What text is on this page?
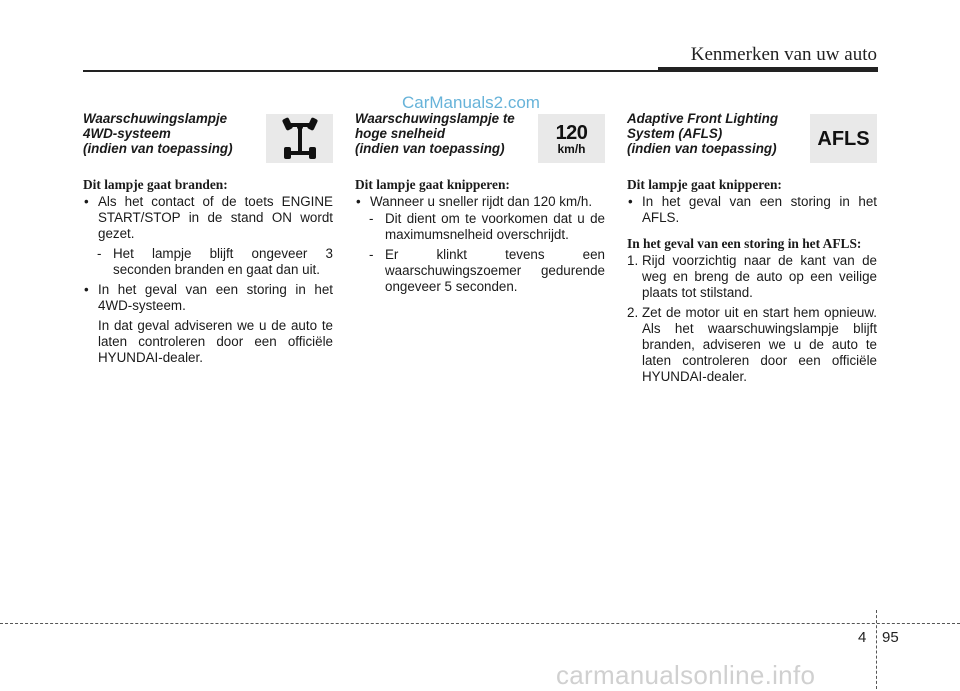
Kenmerken van uw auto
CarManuals2.com
Waarschuwingslampje
4WD-systeem
(indien van toepassing)
Dit lampje gaat branden:
• Als het contact of de toets ENGINE START/STOP in de stand ON wordt gezet.

- Het lampje blijft ongeveer 3 seconden branden en gaat dan uit.
• In het geval van een storing in het 4WD-systeem.

In dat geval adviseren we u de auto te laten controleren door een officiële HYUNDAI-dealer.
Waarschuwingslampje te
hoge snelheid
(indien van toepassing)
120
km/h
Dit lampje gaat knipperen:
• Wanneer u sneller rijdt dan 120 km/h.

- Dit dient om te voorkomen dat u de maximumsnelheid overschrijdt.
- Er klinkt tevens een waarschuwingszoemer gedurende ongeveer 5 seconden.
Adaptive Front Lighting
System (AFLS)
(indien van toepassing)	AFLS
Dit lampje gaat knipperen:
• In het geval van een storing in het AFLS.

In het geval van een storing in het AFLS:
1. Rijd voorzichtig naar de kant van de weg en breng de auto op een veilige plaats tot stilstand.
2. Zet de motor uit en start hem opnieuw. Als het waarschuwingslampje blijft branden, adviseren we u de auto te laten controleren door een officiële HYUNDAI-dealer.
4 95
carmanualsonline.info
